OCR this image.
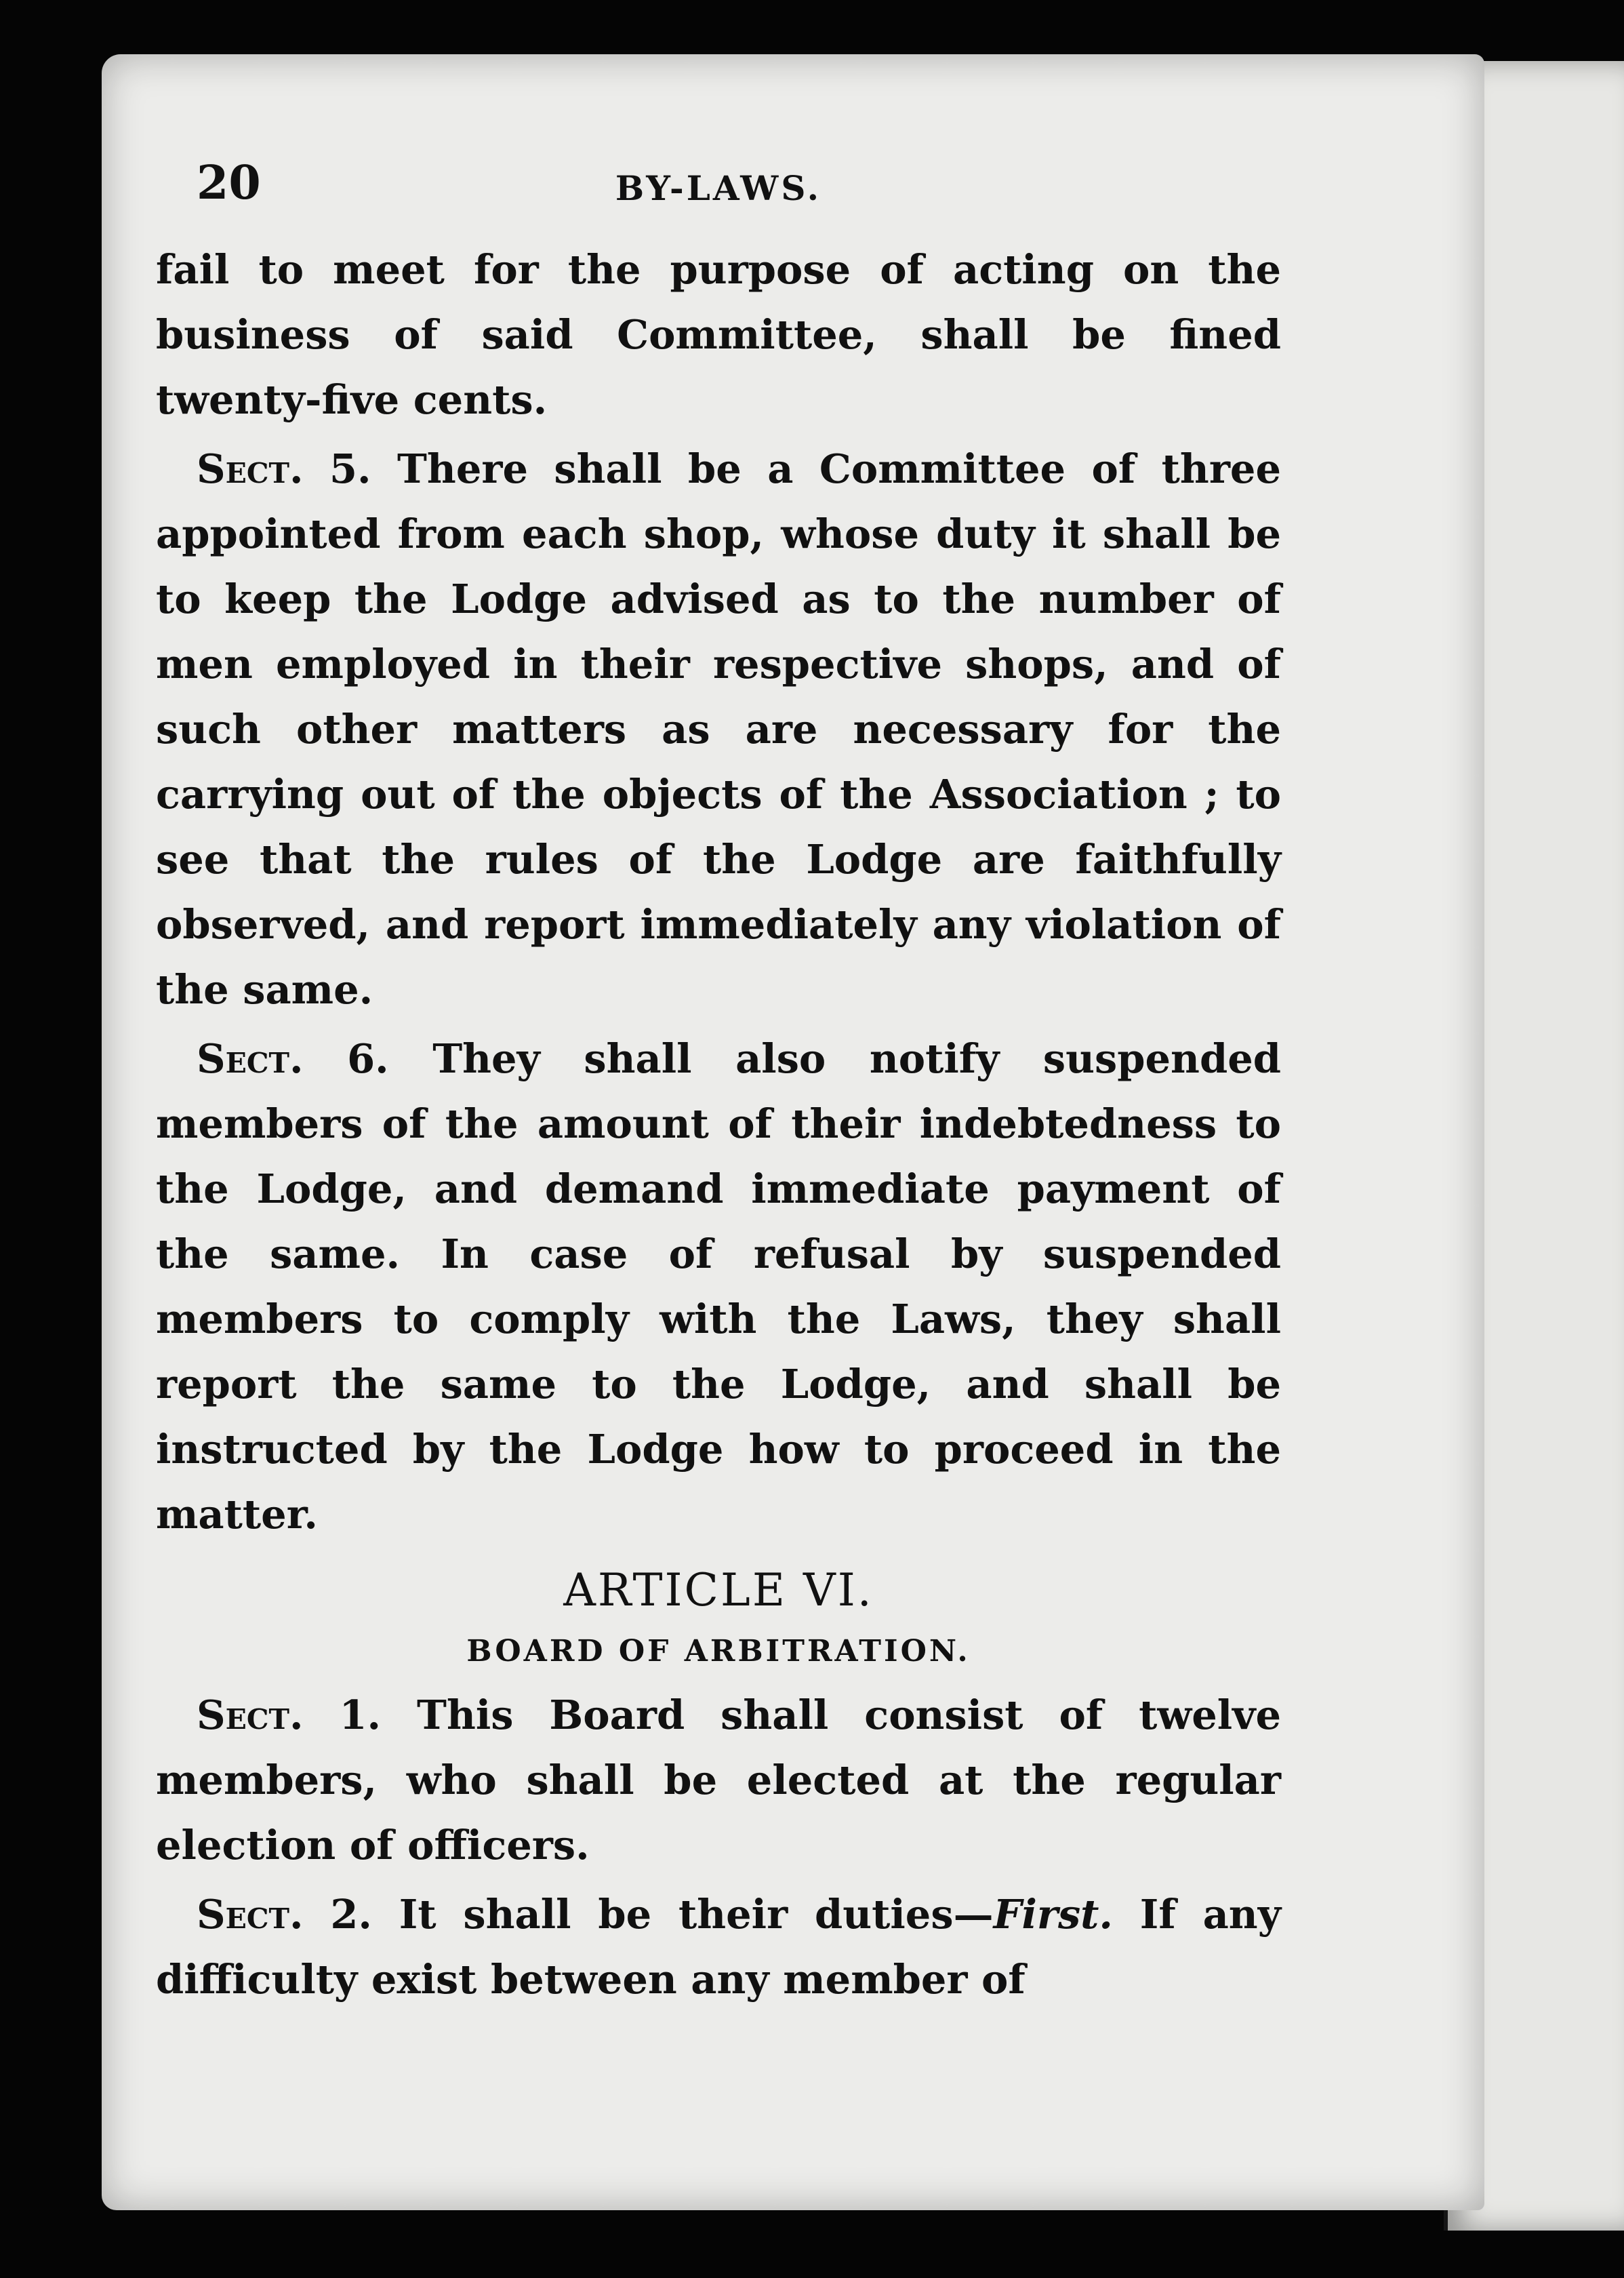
20	BY-LAWS.

fail to meet for the purpose of acting on the business of said Committee, shall be fined twenty-five cents.

Sect. 5. There shall be a Committee of three appointed from each shop, whose duty it shall be to keep the Lodge advised as to the number of men employed in their respective shops, and of such other matters as are necessary for the carrying out of the objects of the Association ; to see that the rules of the Lodge are faithfully observed, and report immediately any violation of the same.

Sect. 6. They shall also notify suspended members of the amount of their indebtedness to the Lodge, and demand immediate payment of the same. In case of refusal by suspended members to comply with the Laws, they shall report the same to the Lodge, and shall be instructed by the Lodge how to proceed in the matter.

ARTICLE VI.
BOARD OF ARBITRATION.

Sect. 1. This Board shall consist of twelve members, who shall be elected at the regular election of officers.

Sect. 2. It shall be their duties—First. If any difficulty exist between any member of
